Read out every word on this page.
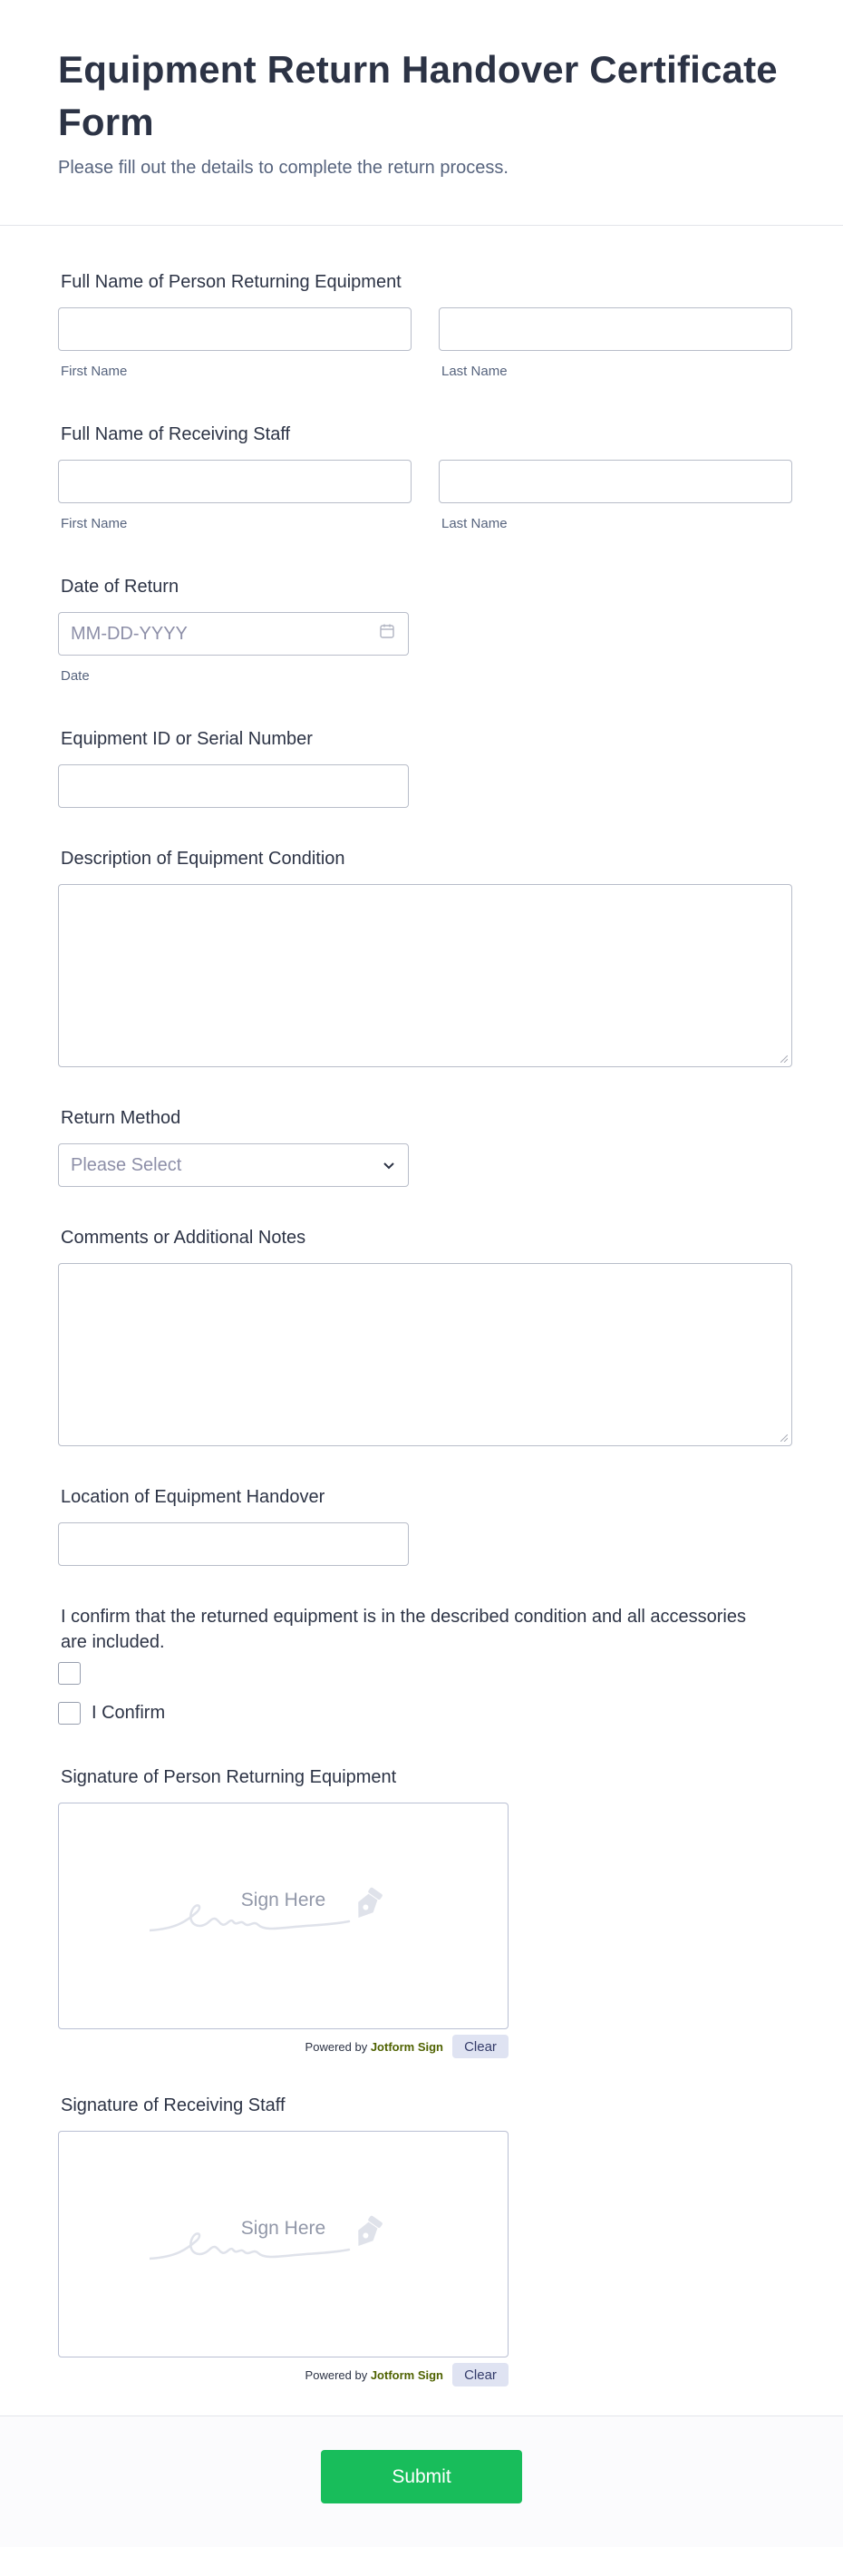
Equipment Return Handover Certificate Form

Please fill out the details to complete the return process.

Full Name of Person Returning Equipment
First Name	Last Name
Full Name of Receiving Staff
First Name	Last Name
Date of Return
MM-DD-YYYY
Date
Equipment ID or Serial Number
Description of Equipment Condition
Return Method
Please Select
Comments or Additional Notes
Location of Equipment Handover
I confirm that the returned equipment is in the described condition and all accessories are included.
I Confirm
Signature of Person Returning Equipment
Sign Here
Powered by Jotform Sign	Clear
Signature of Receiving Staff
Sign Here
Powered by Jotform Sign	Clear
Submit
